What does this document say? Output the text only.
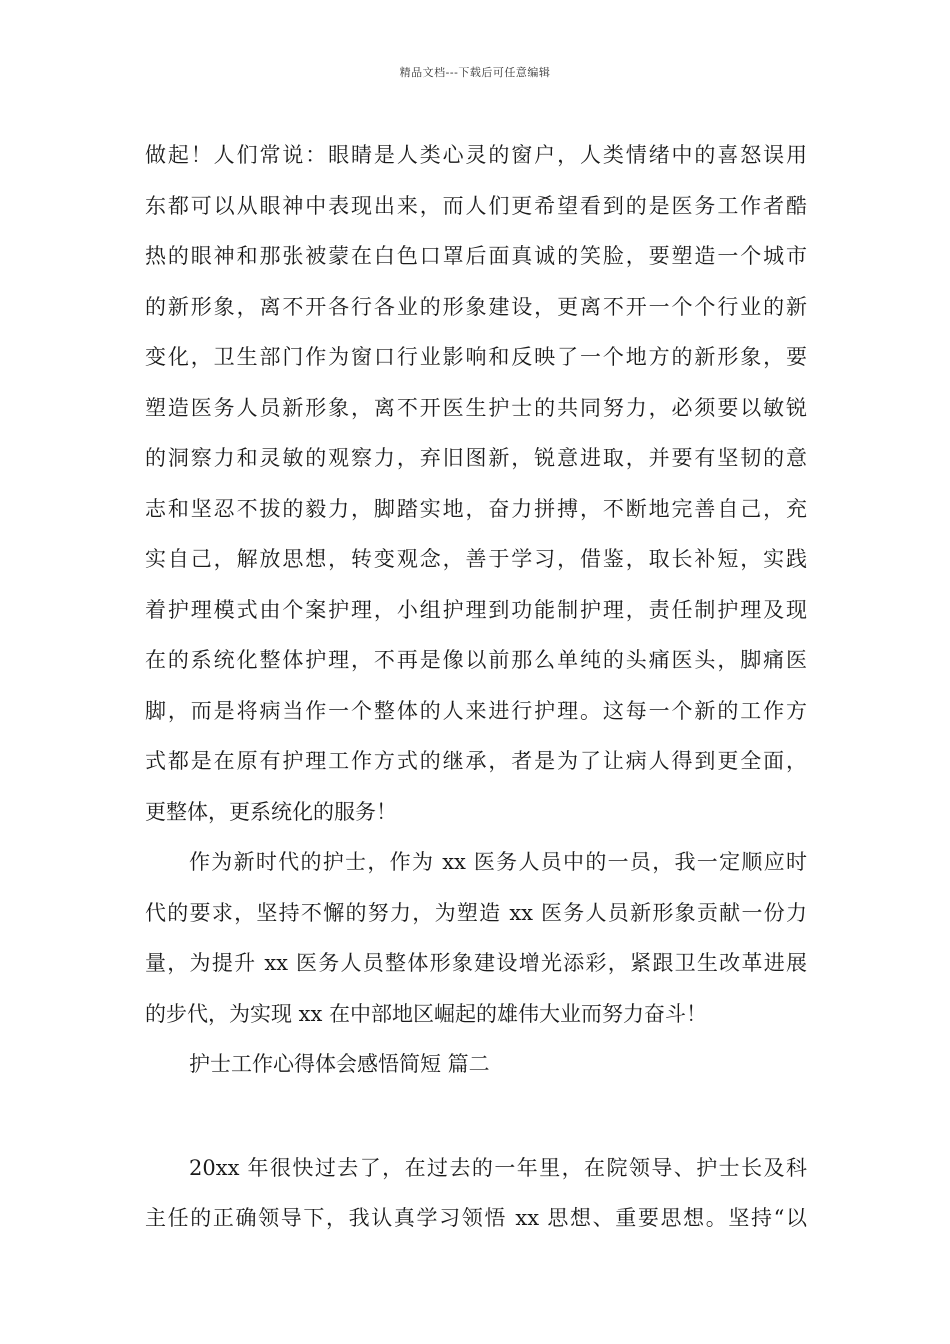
精品文档---下载后可任意编辑
做起！人们常说：眼睛是人类心灵的窗户，人类情绪中的喜怒误用
东都可以从眼神中表现出来，而人们更希望看到的是医务工作者酷
热的眼神和那张被蒙在白色口罩后面真诚的笑脸，要塑造一个城市
的新形象，离不开各行各业的形象建设，更离不开一个个行业的新
变化，卫生部门作为窗口行业影响和反映了一个地方的新形象，要
塑造医务人员新形象，离不开医生护士的共同努力，必须要以敏锐
的洞察力和灵敏的观察力，弃旧图新，锐意进取，并要有坚韧的意
志和坚忍不拔的毅力，脚踏实地，奋力拼搏，不断地完善自己，充
实自己，解放思想，转变观念，善于学习，借鉴，取长补短，实践
着护理模式由个案护理，小组护理到功能制护理，责任制护理及现
在的系统化整体护理，不再是像以前那么单纯的头痛医头，脚痛医
脚，而是将病当作一个整体的人来进行护理。这每一个新的工作方
式都是在原有护理工作方式的继承，者是为了让病人得到更全面，
更整体，更系统化的服务！
作为新时代的护士，作为 xx 医务人员中的一员，我一定顺应时
代的要求，坚持不懈的努力，为塑造 xx 医务人员新形象贡献一份力
量，为提升 xx 医务人员整体形象建设增光添彩，紧跟卫生改革进展
的步代，为实现 xx 在中部地区崛起的雄伟大业而努力奋斗！
护士工作心得体会感悟简短 篇二
20xx 年很快过去了，在过去的一年里，在院领导、护士长及科
主任的正确领导下，我认真学习领悟 xx 思想、重要思想。坚持“以
